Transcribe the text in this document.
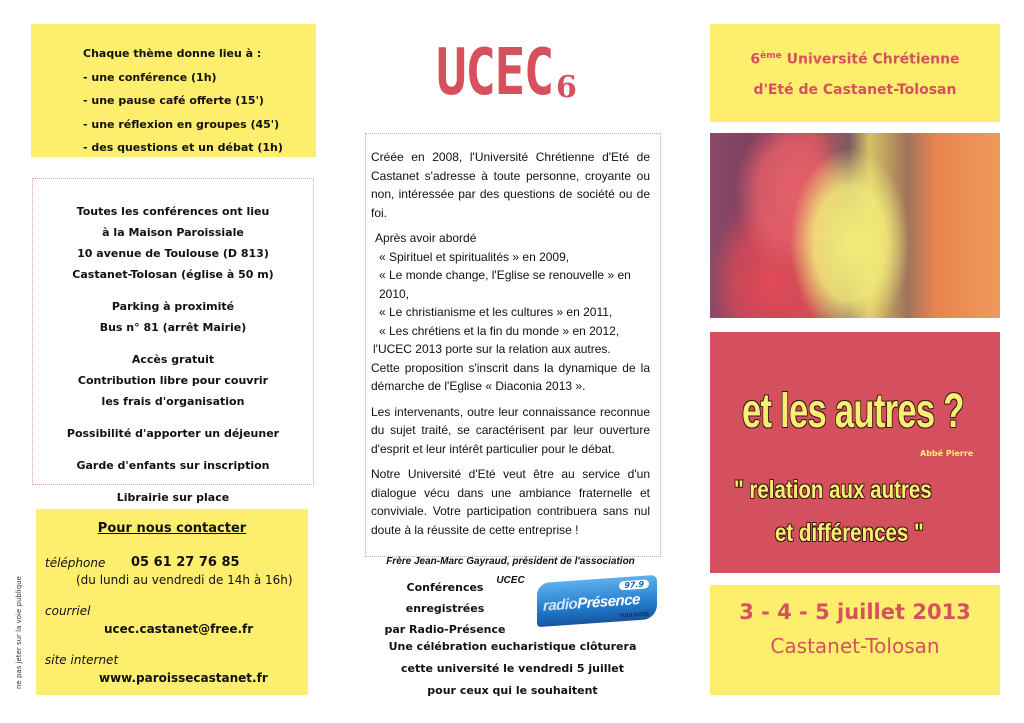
Chaque thème donne lieu à :
- une conférence (1h)
- une pause café offerte (15')
- une réflexion en groupes (45')
- des questions et un débat (1h)
Toutes les conférences ont lieu
à la Maison Paroissiale
10 avenue de Toulouse (D 813)
Castanet-Tolosan (église à 50 m)
Parking à proximité
Bus n° 81 (arrêt Mairie)
Accès gratuit
Contribution libre pour couvrir
les frais d'organisation
Possibilité d'apporter un déjeuner
Garde d'enfants sur inscription
Librairie sur place
Pour nous contacter
téléphone 05 61 27 76 85
(du lundi au vendredi de 14h à 16h)
courriel
ucec.castanet@free.fr
site internet
www.paroissecastanet.fr
ne pas jeter sur la voie publique
UCEC 6

Créée en 2008, l'Université Chrétienne d'Eté de Castanet s'adresse à toute personne, croyante ou non, intéressée par des questions de société ou de foi.

Après avoir abordé
« Spirituel et spiritualités » en 2009,
« Le monde change, l'Eglise se renouvelle » en 2010,
« Le christianisme et les cultures » en 2011,
« Les chrétiens et la fin du monde » en 2012,
l'UCEC 2013 porte sur la relation aux autres.

Cette proposition s'inscrit dans la dynamique de la démarche de l'Eglise « Diaconia 2013 ».

Les intervenants, outre leur connaissance reconnue du sujet traité, se caractérisent par leur ouverture d'esprit et leur intérêt particulier pour le débat.

Notre Université d'Eté veut être au service d'un dialogue vécu dans une ambiance fraternelle et conviviale. Votre participation contribuera sans nul doute à la réussite de cette entreprise !

Frère Jean-Marc Gayraud, président de l'association UCEC
Conférences enregistrées
par Radio-Présence
97.9
radioPrésence
TOULOUSE
Une célébration eucharistique clôturera
cette université le vendredi 5 juillet
pour ceux qui le souhaitent
6ème Université Chrétienne
d'Eté de Castanet-Tolosan
et les autres ?
Abbé Pierre
" relation aux autres
et différences "
3 - 4 - 5 juillet 2013
Castanet-Tolosan
